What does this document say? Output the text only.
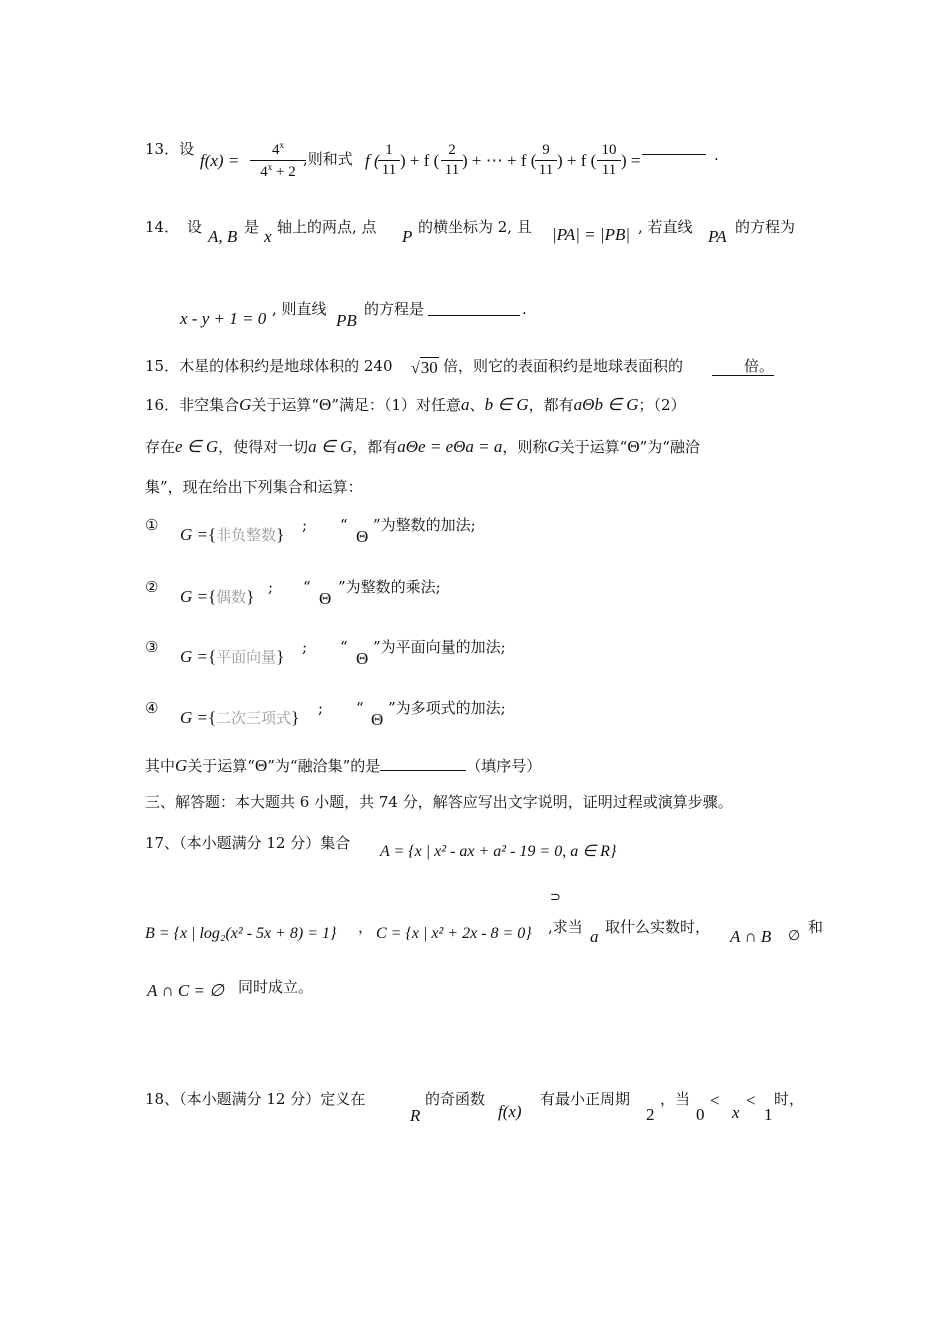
13．设
f(x) =
$4^x$
$4^x + 2$
,则和式 f (
1
11 ) + f (
2
11 ) + ⋯ + f (
9
11 ) + f (
10
11 ) =	.
14． 设 A, B 是 x 轴上的两点, 点 P 的横坐标为 2, 且 |PA| = |PB| , 若直线 PA 的方程为
x - y + 1 = 0 , 则直线
PB
的方程是	.
15．木星的体积约是地球体积的 240 √30 倍，则它的表面积约是地球表面积的	倍。
16．非空集合G关于运算“Θ”满足：（1）对任意a、b ∈ G，都有aΘb ∈ G；（2）
存在e ∈ G，使得对一切a ∈ G，都有aΘe = eΘa = a，则称G关于运算“Θ”为“融洽
集”，现在给出下列集合和运算：
① G ={非负整数} ; “
Θ
”为整数的加法;
② G ={偶数} ; “
Θ
”为整数的乘法;
③ G ={平面向量} ; “
Θ
”为平面向量的加法;
④ G ={二次三项式} ; “
Θ
”为多项式的加法;
其中G关于运算“Θ”为“融洽集”的是	（填序号）
三、解答题：本大题共 6 小题，共 74 分，解答应写出文字说明，证明过程或演算步骤。
17、（本小题满分 12 分）集合 A = {x | x² - ax + a² - 19 = 0, a ∈ R}
⊃
B = {x | log₂(x² - 5x + 8) = 1} ， C = {x | x² + 2x - 8 = 0} ,求当 a 取什么实数时， A ∩ B ∅
和
A ∩ C = ∅ 同时成立。
18、（本小题满分 12 分）定义在
R
的奇函数
f(x)
有最小正周期
2
，当
0
<
x
<
1
时，
